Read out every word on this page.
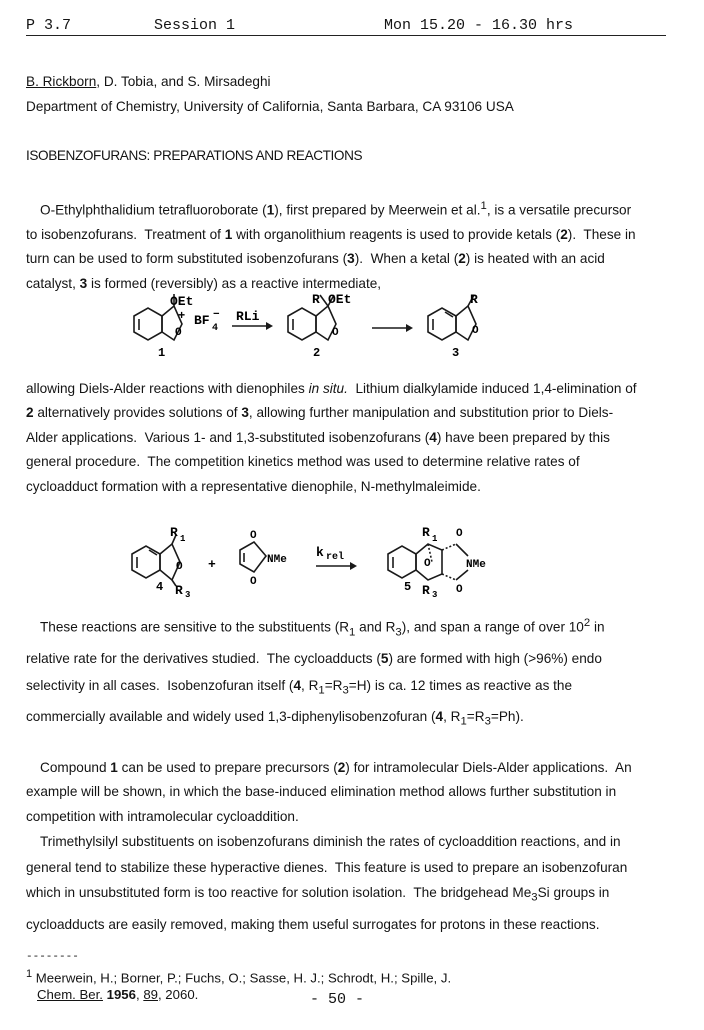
P 3.7	Session 1	Mon 15.20 - 16.30 hrs

B. Rickborn, D. Tobia, and S. Mirsadeghi

Department of Chemistry, University of California, Santa Barbara, CA 93106 USA

ISOBENZOFURANS: PREPARATIONS AND REACTIONS

O-Ethylphthalidium tetrafluoroborate (1), first prepared by Meerwein et al.$^1$, is a versatile precursor to isobenzofurans.  Treatment of 1 with organolithium reagents is used to provide ketals (2).  These in turn can be used to form substituted isobenzofurans (3).  When a ketal (2) is heated with an acid catalyst, 3 is formed (reversibly) as a reactive intermediate,

OEt
+
O
BF
4
−
1
RLi
R OEt
O
2
R
O
3

allowing Diels-Alder reactions with dienophiles in situ.  Lithium dialkylamide induced 1,4-elimination of 2 alternatively provides solutions of 3, allowing further manipulation and substitution prior to Diels-Alder applications.  Various 1- and 1,3-substituted isobenzofurans (4) have been prepared by this general procedure.  The competition kinetics method was used to determine relative rates of cycloadduct formation with a representative dienophile, N-methylmaleimide.

R 1
O
4 R 3
+
O
O
NMe k rel
R 1
O
O
O
NMe
5 R 3

These reactions are sensitive to the substituents ($R_1$ and $R_3$), and span a range of over $10^2$ in relative rate for the derivatives studied.  The cycloadducts (5) are formed with high (>96%) endo selectivity in all cases.  Isobenzofuran itself (4, $R_1=R_3=H$) is ca. 12 times as reactive as the commercially available and widely used 1,3-diphenylisobenzofuran (4, $R_1=R_3=Ph$).

Compound 1 can be used to prepare precursors (2) for intramolecular Diels-Alder applications.  An example will be shown, in which the base-induced elimination method allows further substitution in competition with intramolecular cycloaddition.

Trimethylsilyl substituents on isobenzofurans diminish the rates of cycloaddition reactions, and in general tend to stabilize these hyperactive dienes.  This feature is used to prepare an isobenzofuran which in unsubstituted form is too reactive for solution isolation.  The bridgehead $Me_3Si$ groups in cycloadducts are easily removed, making them useful surrogates for protons in these reactions.

--------

$^1$ Meerwein, H.; Borner, P.; Fuchs, O.; Sasse, H. J.; Schrodt, H.; Spille, J.
Chem. Ber. 1956, 89, 2060.	- 50 -
